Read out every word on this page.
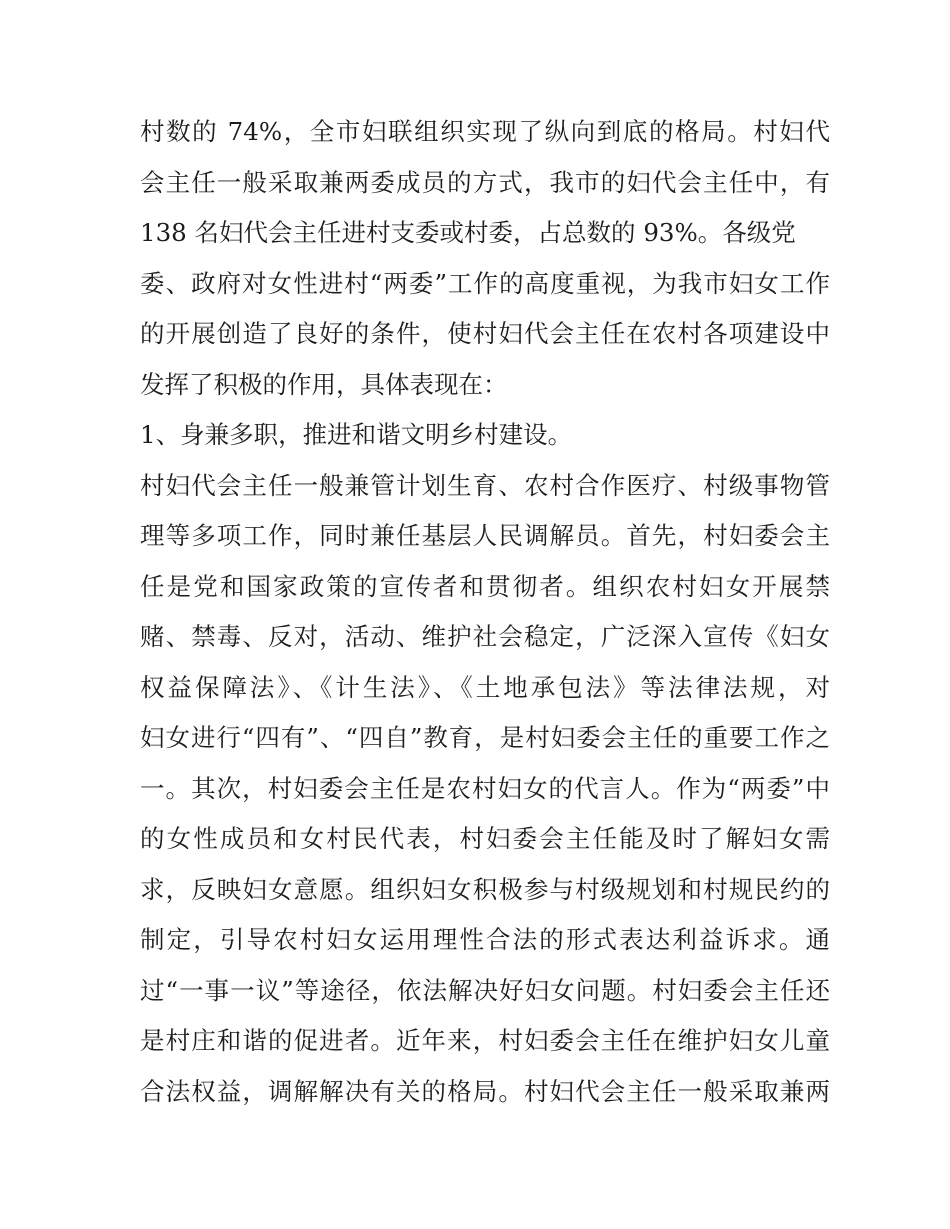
村数的 74%，全市妇联组织实现了纵向到底的格局。村妇代
会主任一般采取兼两委成员的方式，我市的妇代会主任中，有
138 名妇代会主任进村支委或村委，占总数的 93%。各级党
委、政府对女性进村“两委”工作的高度重视，为我市妇女工作
的开展创造了良好的条件，使村妇代会主任在农村各项建设中
发挥了积极的作用，具体表现在：
1、身兼多职，推进和谐文明乡村建设。
村妇代会主任一般兼管计划生育、农村合作医疗、村级事物管
理等多项工作，同时兼任基层人民调解员。首先，村妇委会主
任是党和国家政策的宣传者和贯彻者。组织农村妇女开展禁
赌、禁毒、反对，活动、维护社会稳定，广泛深入宣传《妇女
权益保障法》、《计生法》、《土地承包法》等法律法规，对
妇女进行“四有”、“四自”教育，是村妇委会主任的重要工作之
一。其次，村妇委会主任是农村妇女的代言人。作为“两委”中
的女性成员和女村民代表，村妇委会主任能及时了解妇女需
求，反映妇女意愿。组织妇女积极参与村级规划和村规民约的
制定，引导农村妇女运用理性合法的形式表达利益诉求。通
过“一事一议”等途径，依法解决好妇女问题。村妇委会主任还
是村庄和谐的促进者。近年来，村妇委会主任在维护妇女儿童
合法权益，调解解决有关的格局。村妇代会主任一般采取兼两
